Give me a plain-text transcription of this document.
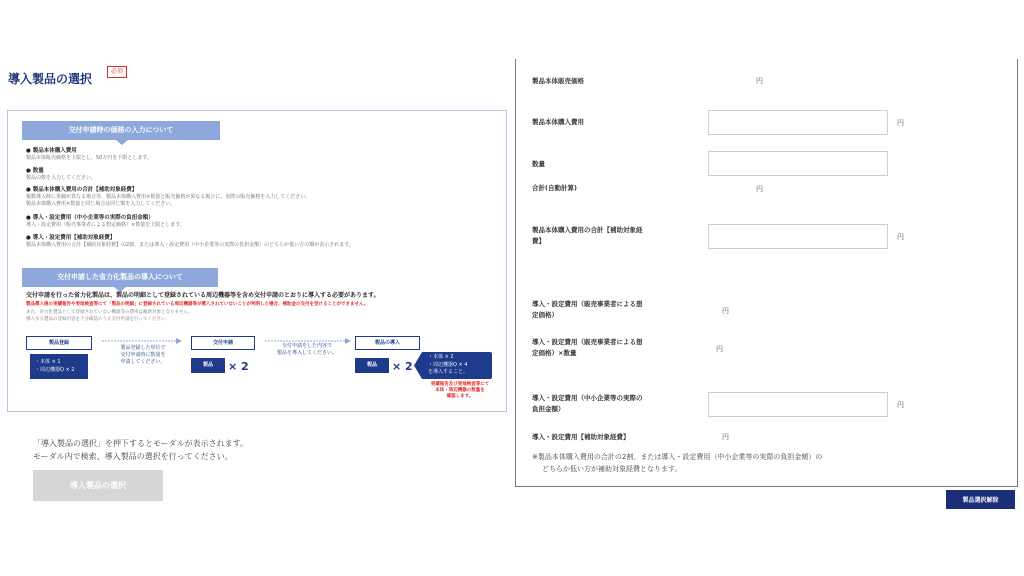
導入製品の選択
必須
交付申請時の価格の入力について
● 製品本体購入費用
製品本体販売価格を上限とし、50万円を下限とします。
● 数量
製品の数を入力してください。
● 製品本体購入費用の合計【補助対象経費】
複数導入時に単価が異なる場合等、製品本体購入費用×数量と販売価格が異なる場合に、実際の販売価格を入力してください。
製品本体購入費用×数量と同じ場合は同じ額を入力してください。
● 導入・設定費用（中小企業等の実際の負担金額）
導入・設定費用（販売事業者による想定価格）×数量を上限とします。
● 導入・設定費用【補助対象経費】
製品本体購入費用の合計【補助対象経費】の2割、または導入・設定費用（中小企業等の実際の負担金額）のどちらか低い方の額が表示されます。
交付申請した省力化製品の導入について
交付申請を行った省力化製品は、製品の明細として登録されている周辺機器等を含め交付申請のとおりに導入する必要があります。
製品導入後の実績報告や実地検査等にて「製品の明細」に登録されている周辺機器等が導入されていないことが判明した場合、補助金の交付を受けることができません。
また、省力化製品として登録されていない機器等の費用は補助対象となりません。
導入する製品の登録内容を十分確認のうえ交付申請を行ってください。
製品登録
・本体 × 1
・周辺機器Q × 2
製品登録した単位で
交付申請時に数量を
申請してください。
交付申請
製品	× 2
交付申請をした内容で
製品を導入してください。
製品の導入
製品	× 2
・本体 × 2
・周辺機器Q × 4
を導入すること。
実績報告及び実地検査等にて
本体・周辺機器の数量を
確認します。
「導入製品の選択」を押下するとモーダルが表示されます。
モーダル内で検索、導入製品の選択を行ってください。
導入製品の選択
製品本体販売価格	円
製品本体購入費用	円
数量
合計(自動計算)	円
製品本体購入費用の合計【補助対象経
費】	円
導入・設定費用（販売事業者による想
定価格）	円
導入・設定費用（販売事業者による想
定価格）×数量	円
導入・設定費用（中小企業等の実際の
負担金額）	円
導入・設定費用【補助対象経費】	円
※製品本体購入費用の合計の2割、または導入・設定費用（中小企業等の実際の負担金額）の
どちらか低い方が補助対象経費となります。
製品選択解除
